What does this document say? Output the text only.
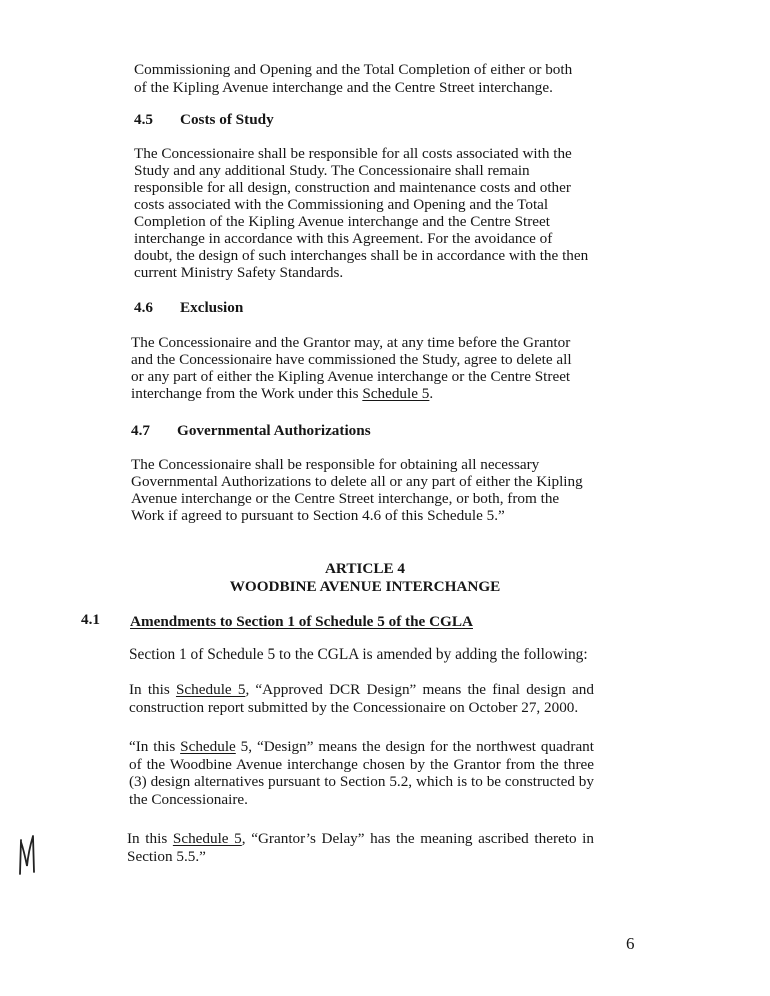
Commissioning and Opening and the Total Completion of either or both

of the Kipling Avenue interchange and the Centre Street interchange.

4.5 Costs of Study

The Concessionaire shall be responsible for all costs associated with the

Study and any additional Study. The Concessionaire shall remain

responsible for all design, construction and maintenance costs and other

costs associated with the Commissioning and Opening and the Total

Completion of the Kipling Avenue interchange and the Centre Street

interchange in accordance with this Agreement. For the avoidance of

doubt, the design of such interchanges shall be in accordance with the then

current Ministry Safety Standards.

4.6 Exclusion

The Concessionaire and the Grantor may, at any time before the Grantor

and the Concessionaire have commissioned the Study, agree to delete all

or any part of either the Kipling Avenue interchange or the Centre Street

interchange from the Work under this Schedule 5.

4.7 Governmental Authorizations

The Concessionaire shall be responsible for obtaining all necessary

Governmental Authorizations to delete all or any part of either the Kipling

Avenue interchange or the Centre Street interchange, or both, from the

Work if agreed to pursuant to Section 4.6 of this Schedule 5.”

ARTICLE 4

WOODBINE AVENUE INTERCHANGE

4.1 Amendments to Section 1 of Schedule 5 of the CGLA

Section 1 of Schedule 5 to the CGLA is amended by adding the following:

In this Schedule 5, “Approved DCR Design” means the final design and construction report submitted by the Concessionaire on October 27, 2000.

“In this Schedule 5, “Design” means the design for the northwest quadrant of the Woodbine Avenue interchange chosen by the Grantor from the three (3) design alternatives pursuant to Section 5.2, which is to be constructed by the Concessionaire.

In this Schedule 5, “Grantor’s Delay” has the meaning ascribed thereto in Section 5.5.”

6
